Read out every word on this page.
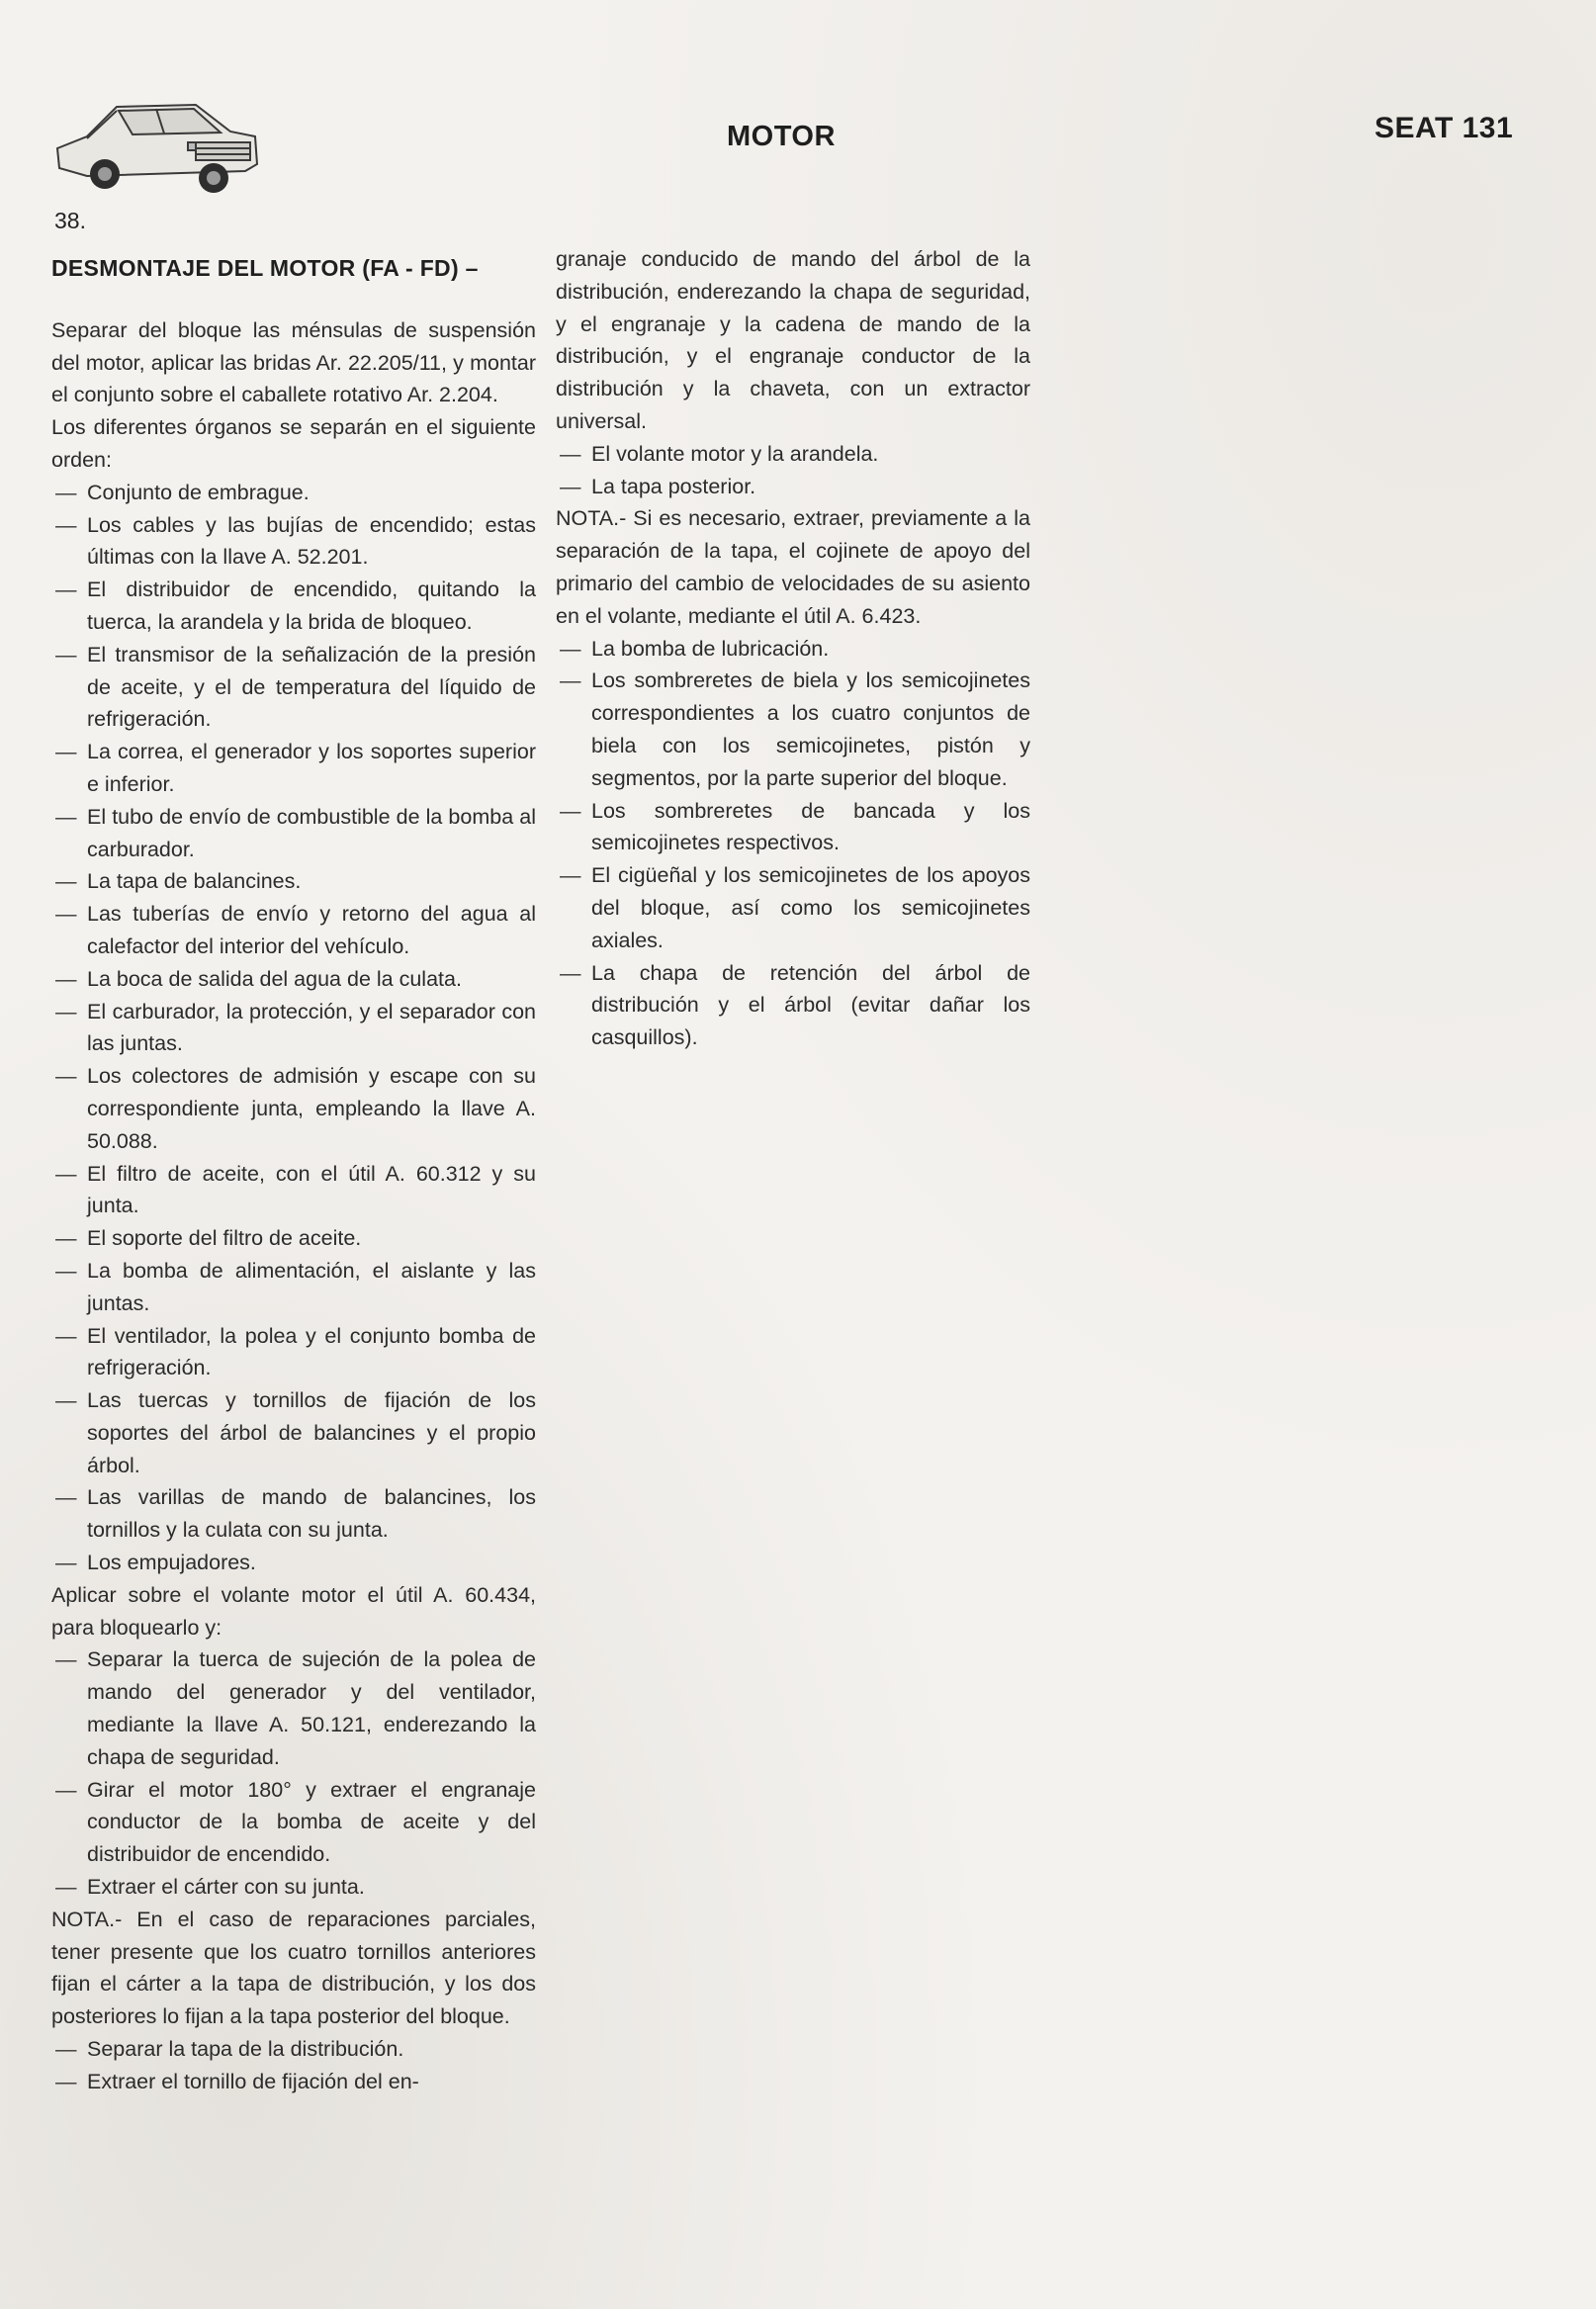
38.
MOTOR	SEAT 131
DESMONTAJE DEL MOTOR (FA - FD) –

Separar del bloque las ménsulas de suspensión del motor, aplicar las bridas Ar. 22.205/11, y montar el conjunto sobre el caballete rotativo Ar. 2.204.

Los diferentes órganos se separán en el siguiente orden:

— Conjunto de embrague.

— Los cables y las bujías de encendido; estas últimas con la llave A. 52.201.

— El distribuidor de encendido, quitando la tuerca, la arandela y la brida de bloqueo.

— El transmisor de la señalización de la presión de aceite, y el de temperatura del líquido de refrigeración.

— La correa, el generador y los soportes superior e inferior.

— El tubo de envío de combustible de la bomba al carburador.

— La tapa de balancines.

— Las tuberías de envío y retorno del agua al calefactor del interior del vehículo.

— La boca de salida del agua de la culata.

— El carburador, la protección, y el separador con las juntas.

— Los colectores de admisión y escape con su correspondiente junta, empleando la llave A. 50.088.

— El filtro de aceite, con el útil A. 60.312 y su junta.

— El soporte del filtro de aceite.

— La bomba de alimentación, el aislante y las juntas.

— El ventilador, la polea y el conjunto bomba de refrigeración.

— Las tuercas y tornillos de fijación de los soportes del árbol de balancines y el propio árbol.

— Las varillas de mando de balancines, los tornillos y la culata con su junta.

— Los empujadores.

Aplicar sobre el volante motor el útil A. 60.434, para bloquearlo y:

— Separar la tuerca de sujeción de la polea de mando del generador y del ventilador, mediante la llave A. 50.121, enderezando la chapa de seguridad.

— Girar el motor 180° y extraer el engranaje conductor de la bomba de aceite y del distribuidor de encendido.

— Extraer el cárter con su junta.

NOTA.- En el caso de reparaciones parciales, tener presente que los cuatro tornillos anteriores fijan el cárter a la tapa de distribución, y los dos posteriores lo fijan a la tapa posterior del bloque.

— Separar la tapa de la distribución.

— Extraer el tornillo de fijación del en-

granaje conducido de mando del árbol de la distribución, enderezando la chapa de seguridad, y el engranaje y la cadena de mando de la distribución, y el engranaje conductor de la distribución y la chaveta, con un extractor universal.

— El volante motor y la arandela.

— La tapa posterior.

NOTA.- Si es necesario, extraer, previamente a la separación de la tapa, el cojinete de apoyo del primario del cambio de velocidades de su asiento en el volante, mediante el útil A. 6.423.

— La bomba de lubricación.

— Los sombreretes de biela y los semicojinetes correspondientes a los cuatro conjuntos de biela con los semicojinetes, pistón y segmentos, por la parte superior del bloque.

— Los sombreretes de bancada y los semicojinetes respectivos.

— El cigüeñal y los semicojinetes de los apoyos del bloque, así como los semicojinetes axiales.

— La chapa de retención del árbol de distribución y el árbol (evitar dañar los casquillos).
